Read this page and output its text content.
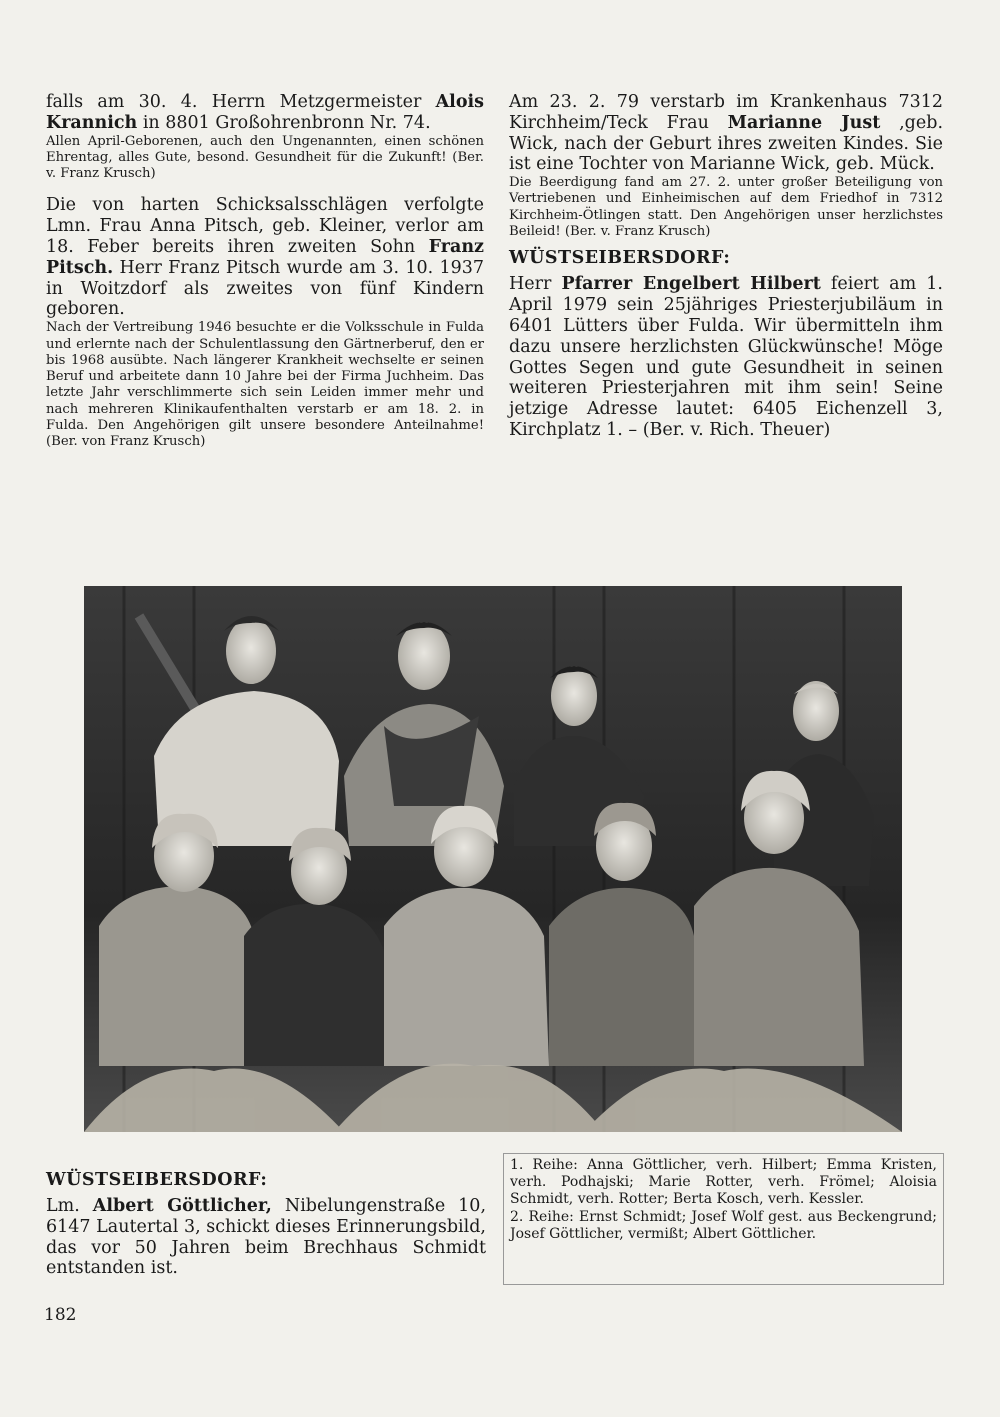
falls am 30. 4. Herrn Metzgermeister Alois Krannich in 8801 Großohrenbronn Nr. 74.

Allen April-Geborenen, auch den Ungenannten, einen schönen Ehrentag, alles Gute, besond. Gesundheit für die Zukunft! (Ber. v. Franz Krusch)

Die von harten Schicksalsschlägen verfolgte Lmn. Frau Anna Pitsch, geb. Kleiner, verlor am 18. Feber bereits ihren zweiten Sohn Franz Pitsch. Herr Franz Pitsch wurde am 3. 10. 1937 in Woitzdorf als zweites von fünf Kindern geboren.

Nach der Vertreibung 1946 besuchte er die Volksschule in Fulda und erlernte nach der Schulentlassung den Gärtnerberuf, den er bis 1968 ausübte. Nach längerer Krankheit wechselte er seinen Beruf und arbeitete dann 10 Jahre bei der Firma Juchheim. Das letzte Jahr verschlimmerte sich sein Leiden immer mehr und nach mehreren Klinikaufenthalten verstarb er am 18. 2. in Fulda. Den Angehörigen gilt unsere besondere Anteilnahme! (Ber. von Franz Krusch)

Am 23. 2. 79 verstarb im Krankenhaus 7312 Kirchheim/Teck Frau Marianne Just ,geb. Wick, nach der Geburt ihres zweiten Kindes. Sie ist eine Tochter von Marianne Wick, geb. Mück.

Die Beerdigung fand am 27. 2. unter großer Beteiligung von Vertriebenen und Einheimischen auf dem Friedhof in 7312 Kirchheim-Ötlingen statt. Den Angehörigen unser herzlichstes Beileid! (Ber. v. Franz Krusch)

WÜSTSEIBERSDORF:

Herr Pfarrer Engelbert Hilbert feiert am 1. April 1979 sein 25jähriges Priesterjubiläum in 6401 Lütters über Fulda. Wir übermitteln ihm dazu unsere herzlichsten Glückwünsche! Möge Gottes Segen und gute Gesundheit in seinen weiteren Priesterjahren mit ihm sein! Seine jetzige Adresse lautet: 6405 Eichenzell 3, Kirchplatz 1. – (Ber. v. Rich. Theuer)

WÜSTSEIBERSDORF:

Lm. Albert Göttlicher, Nibelungenstraße 10, 6147 Lautertal 3, schickt dieses Erinnerungsbild, das vor 50 Jahren beim Brechhaus Schmidt entstanden ist.

1. Reihe: Anna Göttlicher, verh. Hilbert; Emma Kristen, verh. Podhajski; Marie Rotter, verh. Frömel; Aloisia Schmidt, verh. Rotter; Berta Kosch, verh. Kessler.

2. Reihe: Ernst Schmidt; Josef Wolf gest. aus Beckengrund; Josef Göttlicher, vermißt; Albert Göttlicher.

182
